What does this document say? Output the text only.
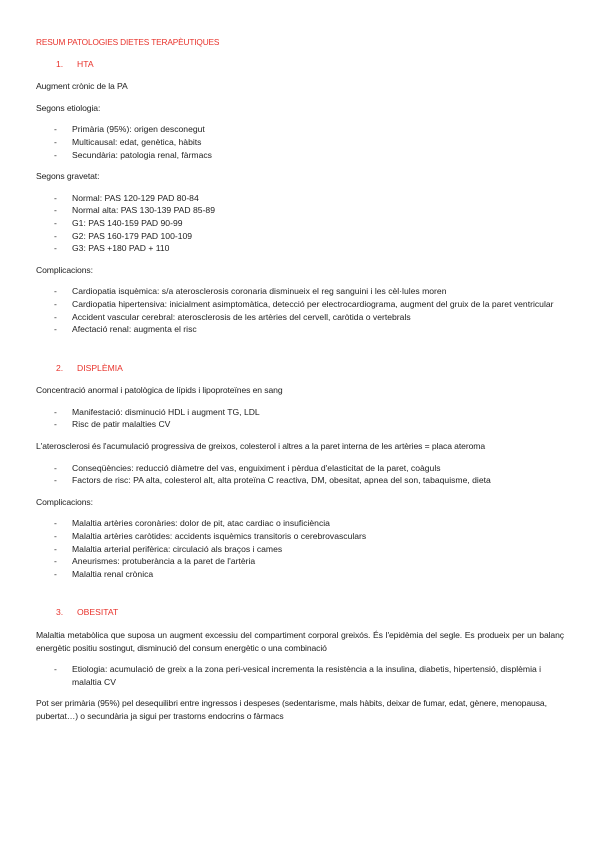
RESUM PATOLOGIES DIETES TERAPÈUTIQUES
1.	HTA
Augment crònic de la PA
Segons etiologia:
- Primària (95%): origen desconegut
- Multicausal: edat, genètica, hàbits
- Secundària: patologia renal, fàrmacs
Segons gravetat:
- Normal: PAS 120-129 PAD 80-84
- Normal alta: PAS 130-139 PAD 85-89
- G1: PAS 140-159 PAD 90-99
- G2: PAS 160-179 PAD 100-109
- G3: PAS +180 PAD + 110
Complicacions:
- Cardiopatia isquèmica: s/a aterosclerosis coronaria disminueix el reg sanguini i les cèl·lules moren
- Cardiopatia hipertensiva: inicialment asimptomàtica, detecció per electrocardiograma, augment del gruix de la paret ventricular
- Accident vascular cerebral: aterosclerosis de les artèries del cervell, caròtida o vertebrals
- Afectació renal: augmenta el risc
2.	DISPLÈMIA
Concentració anormal i patològica de lípids i lipoproteïnes en sang
- Manifestació: disminució HDL i augment TG, LDL
- Risc de patir malalties CV
L'aterosclerosi és l'acumulació progressiva de greixos, colesterol i altres a la paret interna de les artèries = placa ateroma
- Conseqüències: reducció diàmetre del vas, enguiximent i pèrdua d'elasticitat de la paret, coàguls
- Factors de risc: PA alta, colesterol alt, alta proteïna C reactiva, DM, obesitat, apnea del son, tabaquisme, dieta
Complicacions:
- Malaltia artèries coronàries: dolor de pit, atac cardiac o insuficiència
- Malaltia artèries caròtides: accidents isquèmics transitoris o cerebrovasculars
- Malaltia arterial perifèrica: circulació als braços i cames
- Aneurismes: protuberància a la paret de l'artèria
- Malaltia renal crònica
3.	OBESITAT
Malaltia metabòlica que suposa un augment excessiu del compartiment corporal greixós. És l'epidèmia del segle. Es produeix per un balanç energètic positiu sostingut, disminució del consum energètic o una combinació
- Etiologia: acumulació de greix a la zona peri-vesical incrementa la resistència a la insulina, diabetis, hipertensió, displèmia i malaltia CV
Pot ser primària (95%) pel desequilibri entre ingressos i despeses (sedentarisme, mals hàbits, deixar de fumar, edat, gènere, menopausa, pubertat…) o secundària ja sigui per trastorns endocrins o fàrmacs
